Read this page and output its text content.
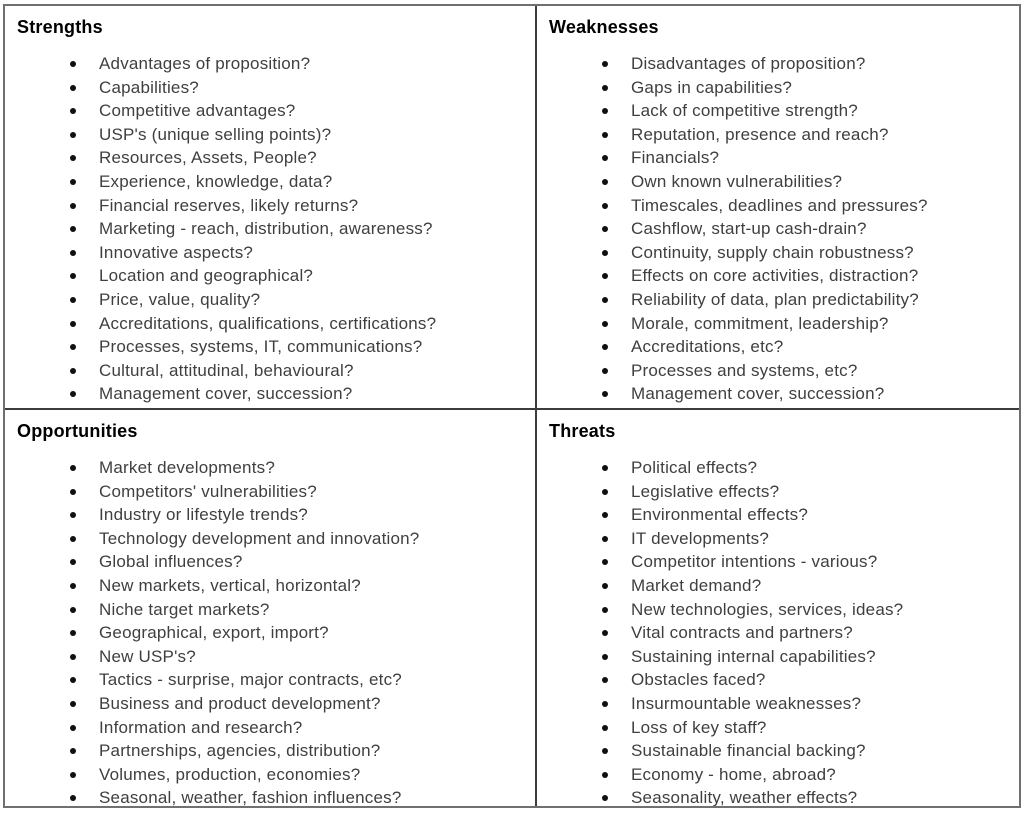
Strengths
Advantages of proposition?
Capabilities?
Competitive advantages?
USP's (unique selling points)?
Resources, Assets, People?
Experience, knowledge, data?
Financial reserves, likely returns?
Marketing - reach, distribution, awareness?
Innovative aspects?
Location and geographical?
Price, value, quality?
Accreditations, qualifications, certifications?
Processes, systems, IT, communications?
Cultural, attitudinal, behavioural?
Management cover, succession?
Weaknesses
Disadvantages of proposition?
Gaps in capabilities?
Lack of competitive strength?
Reputation, presence and reach?
Financials?
Own known vulnerabilities?
Timescales, deadlines and pressures?
Cashflow, start-up cash-drain?
Continuity, supply chain robustness?
Effects on core activities, distraction?
Reliability of data, plan predictability?
Morale, commitment, leadership?
Accreditations, etc?
Processes and systems, etc?
Management cover, succession?
Opportunities
Market developments?
Competitors' vulnerabilities?
Industry or lifestyle trends?
Technology development and innovation?
Global influences?
New markets, vertical, horizontal?
Niche target markets?
Geographical, export, import?
New USP's?
Tactics - surprise, major contracts, etc?
Business and product development?
Information and research?
Partnerships, agencies, distribution?
Volumes, production, economies?
Seasonal, weather, fashion influences?
Threats
Political effects?
Legislative effects?
Environmental effects?
IT developments?
Competitor intentions - various?
Market demand?
New technologies, services, ideas?
Vital contracts and partners?
Sustaining internal capabilities?
Obstacles faced?
Insurmountable weaknesses?
Loss of key staff?
Sustainable financial backing?
Economy - home, abroad?
Seasonality, weather effects?
